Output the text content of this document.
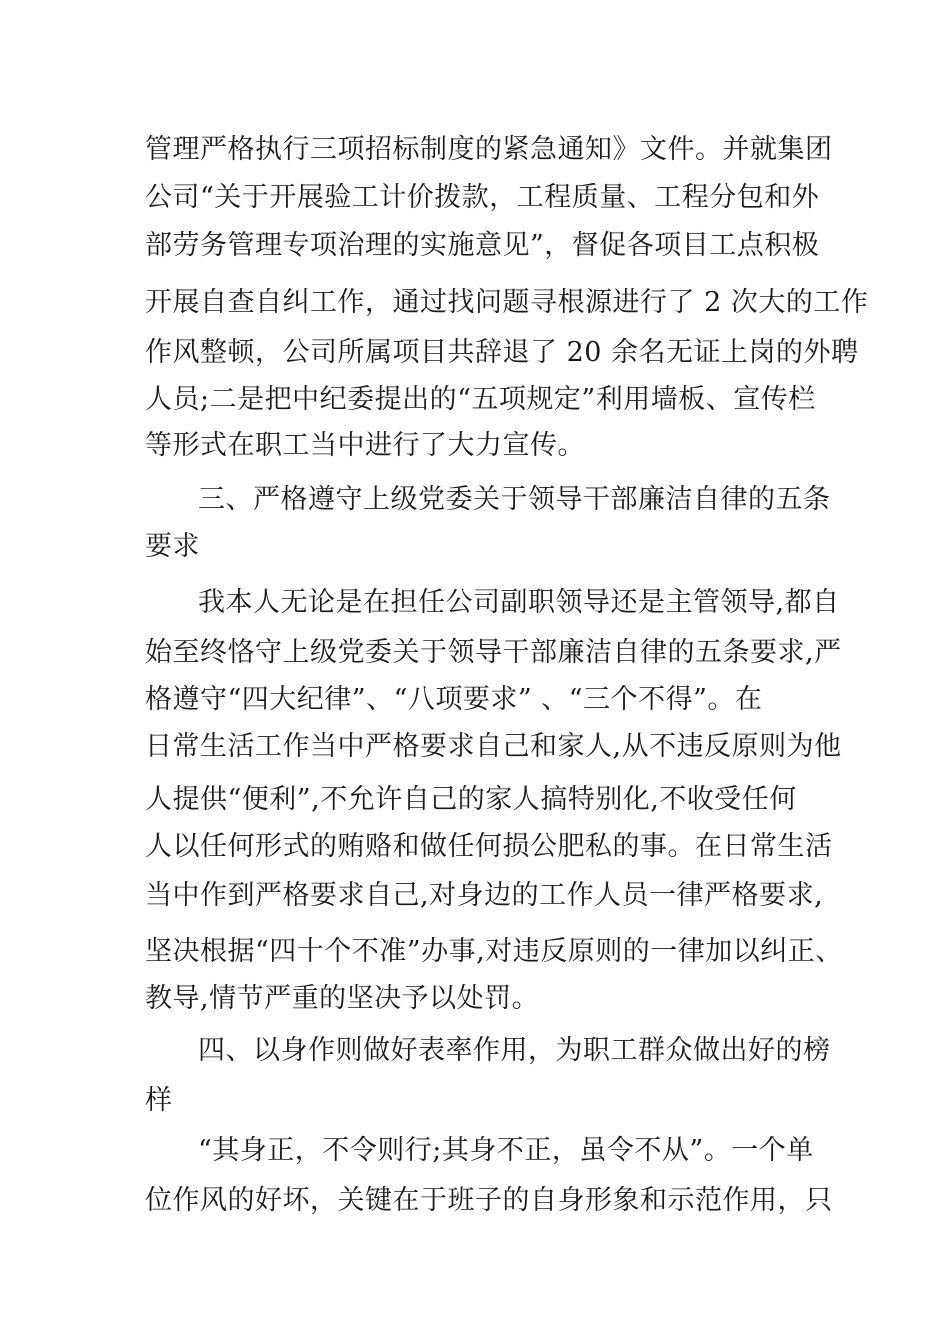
管理严格执行三项招标制度的紧急通知》文件。并就集团
公司“关于开展验工计价拨款，工程质量、工程分包和外
部劳务管理专项治理的实施意见”，督促各项目工点积极
开展自查自纠工作，通过找问题寻根源进行了 2 次大的工作
作风整顿，公司所属项目共辞退了 20 余名无证上岗的外聘
人员;二是把中纪委提出的“五项规定”利用墙板、宣传栏
等形式在职工当中进行了大力宣传。
三、严格遵守上级党委关于领导干部廉洁自律的五条
要求
我本人无论是在担任公司副职领导还是主管领导,都自
始至终恪守上级党委关于领导干部廉洁自律的五条要求,严
格遵守“四大纪律”、“八项要求” 、“三个不得”。在
日常生活工作当中严格要求自己和家人,从不违反原则为他
人提供“便利”,不允许自己的家人搞特别化,不收受任何
人以任何形式的贿赂和做任何损公肥私的事。在日常生活
当中作到严格要求自己,对身边的工作人员一律严格要求,
坚决根据“四十个不准”办事,对违反原则的一律加以纠正、
教导,情节严重的坚决予以处罚。
四、以身作则做好表率作用，为职工群众做出好的榜
样
“其身正，不令则行;其身不正，虽令不从”。一个单
位作风的好坏，关键在于班子的自身形象和示范作用，只
